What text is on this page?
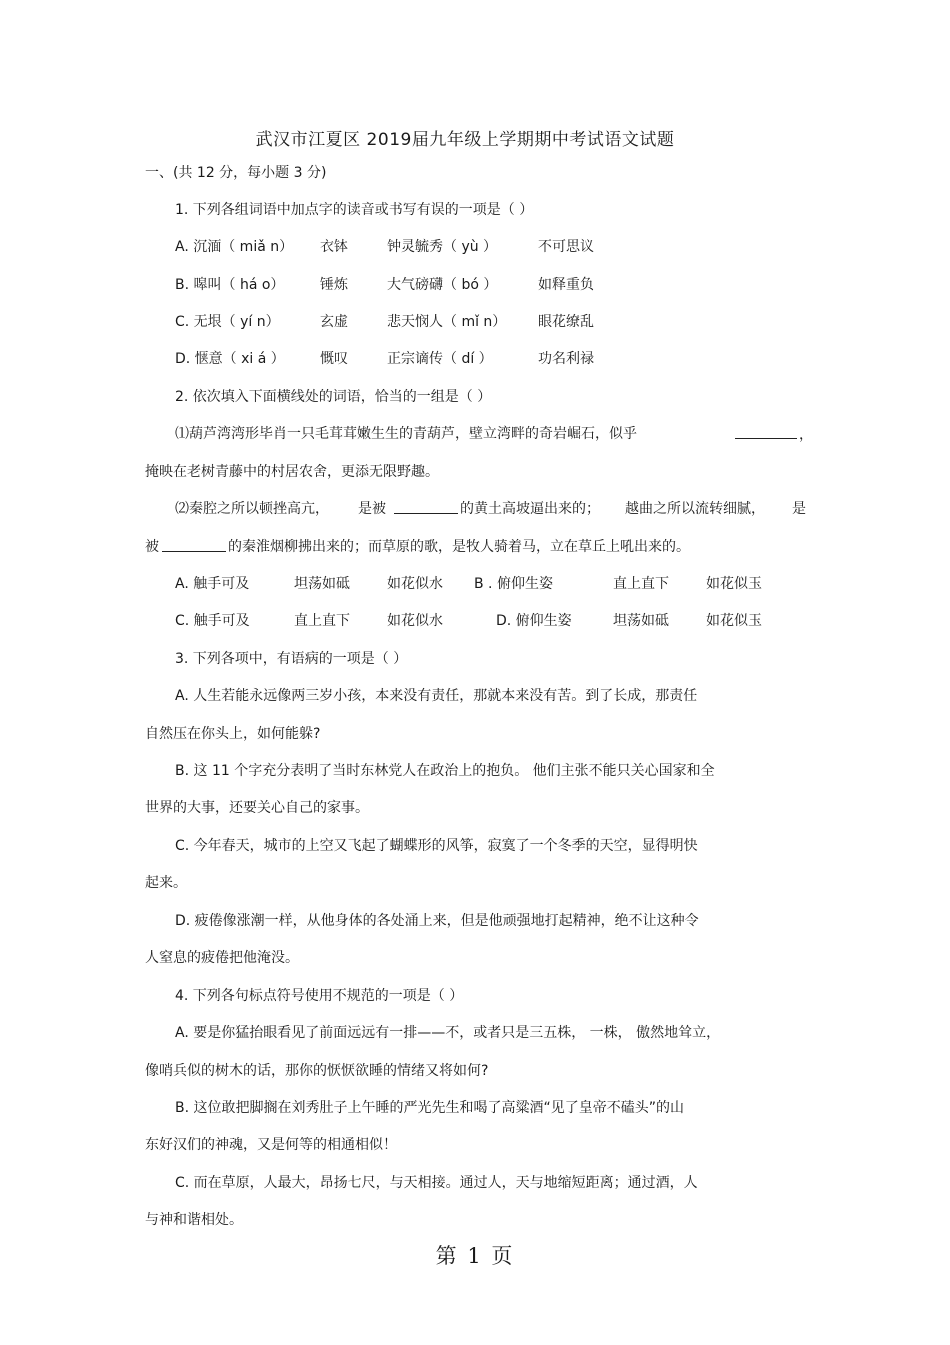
武汉市江夏区 2019届九年级上学期期中考试语文试题
一、(共 12 分，每小题 3 分)
1. 下列各组词语中加点字的读音或书写有误的一项是（ ）
A. 沉湎（ miǎ n） 衣钵	钟灵毓秀（ yù ）	不可思议
B. 嗥叫（ há o）	锤炼	大气磅礴（ bó ）	如释重负
C. 无垠（ yí n）	玄虚	悲天悯人（ mǐ n） 眼花缭乱
D. 惬意（ xi á ）	慨叹	正宗谪传（ dí ）	功名利禄
2. 依次填入下面横线处的词语，恰当的一组是（ ）
⑴葫芦湾湾形毕肖一只毛茸茸嫩生生的青葫芦，壁立湾畔的奇岩崛石，似乎	，
掩映在老树青藤中的村居农舍，更添无限野趣。
⑵秦腔之所以顿挫高亢， 是被	的黄土高坡逼出来的； 越曲之所以流转细腻， 是
被	的秦淮烟柳拂出来的；而草原的歌，是牧人骑着马，立在草丘上吼出来的。
A. 触手可及	坦荡如砥	如花似水 B . 俯仰生姿	直上直下	如花似玉
C. 触手可及	直上直下	如花似水	D. 俯仰生姿	坦荡如砥	如花似玉
3. 下列各项中，有语病的一项是（ ）
A. 人生若能永远像两三岁小孩，本来没有责任，那就本来没有苦。到了长成，那责任
自然压在你头上，如何能躲?
B. 这 11 个字充分表明了当时东林党人在政治上的抱负。 他们主张不能只关心国家和全
世界的大事，还要关心自己的家事。
C. 今年春天，城市的上空又飞起了蝴蝶形的风筝，寂寞了一个冬季的天空，显得明快
起来。
D. 疲倦像涨潮一样，从他身体的各处涌上来，但是他顽强地打起精神，绝不让这种令
人窒息的疲倦把他淹没。
4. 下列各句标点符号使用不规范的一项是（ ）
A. 要是你猛抬眼看见了前面远远有一排——不，或者只是三五株， 一株， 傲然地耸立，
像哨兵似的树木的话，那你的恹恹欲睡的情绪又将如何?
B. 这位敢把脚搁在刘秀肚子上午睡的严光先生和喝了高粱酒“见了皇帝不磕头”的山
东好汉们的神魂，又是何等的相通相似！
C. 而在草原，人最大，昂扬七尺，与天相接。通过人，天与地缩短距离；通过酒，人
与神和谐相处。
第 1 页
